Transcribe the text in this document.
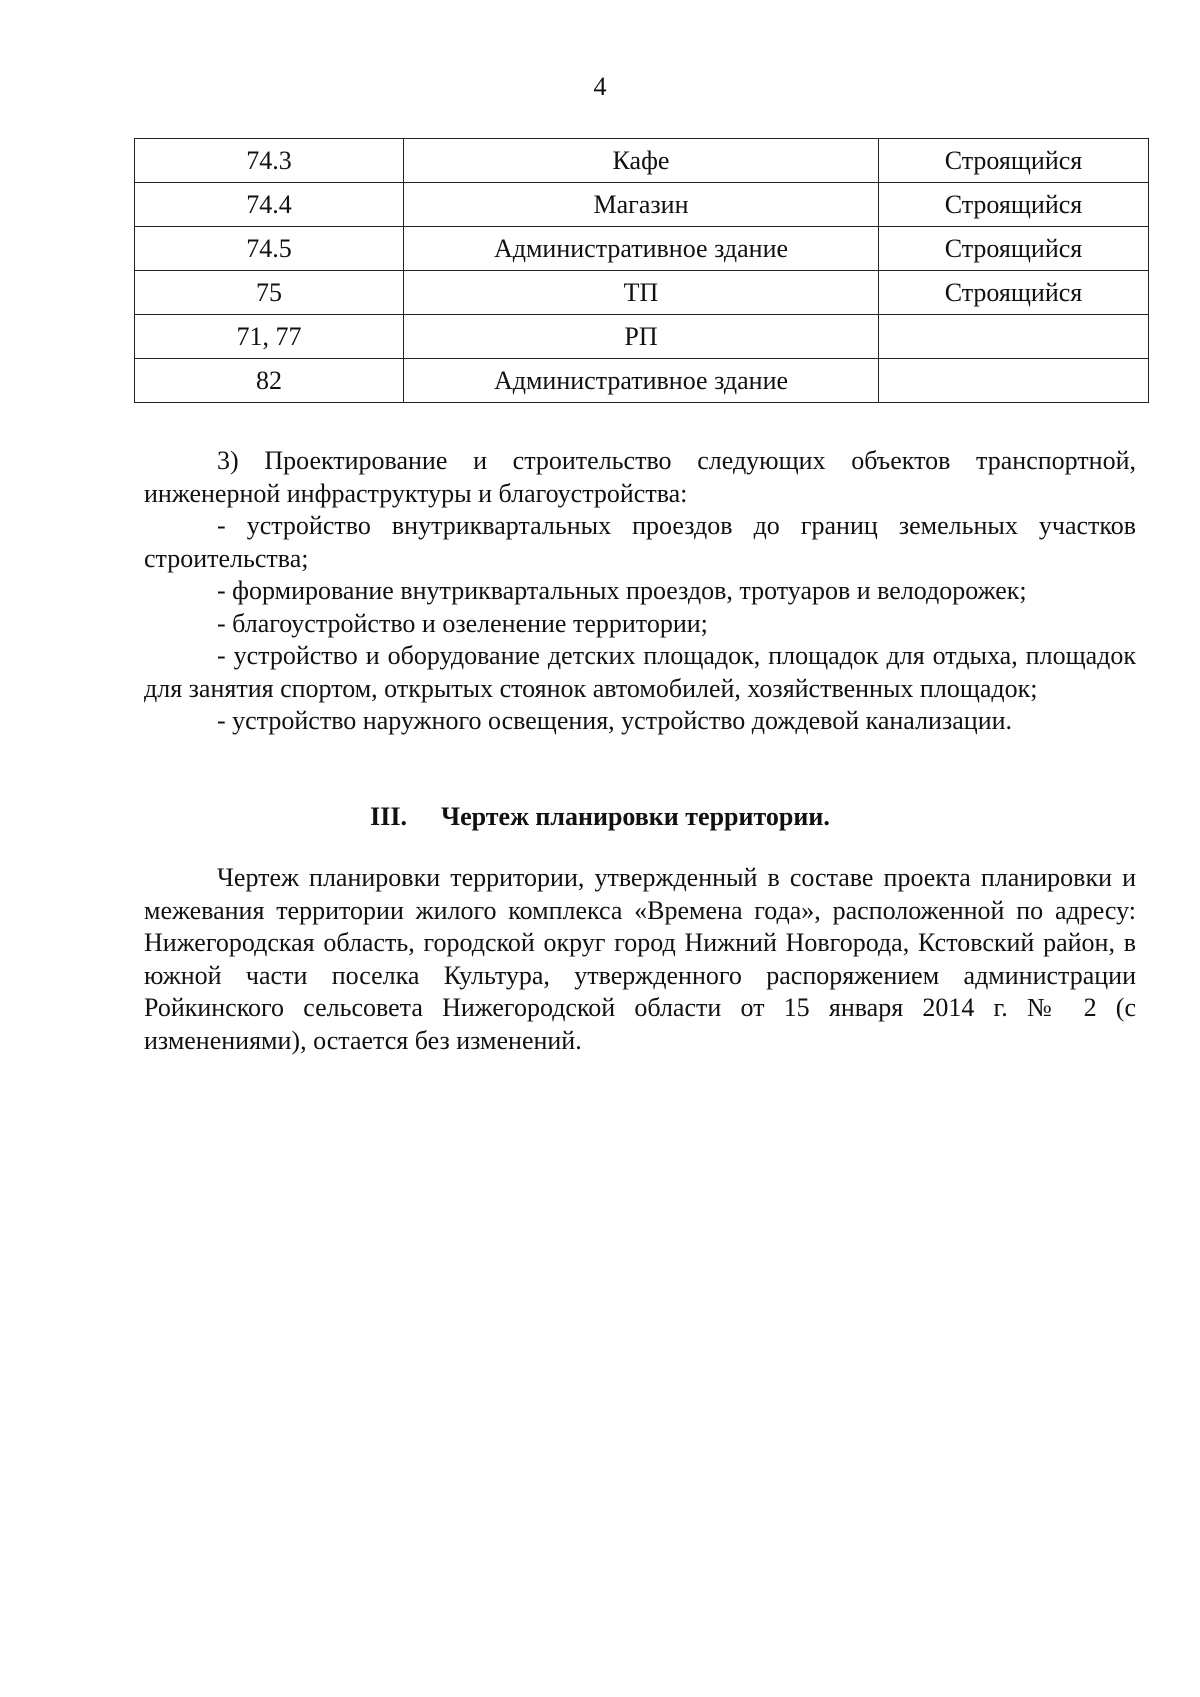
4
74.3	Кафе	Строящийся
74.4	Магазин	Строящийся
74.5	Административное здание	Строящийся
75	ТП	Строящийся
71, 77	РП	
82	Административное здание	

3) Проектирование и строительство следующих объектов транспортной, инженерной инфраструктуры и благоустройства:

- устройство внутриквартальных проездов до границ земельных участков строительства;

- формирование внутриквартальных проездов, тротуаров и велодорожек;

- благоустройство и озеленение территории;

- устройство и оборудование детских площадок, площадок для отдыха, площадок для занятия спортом, открытых стоянок автомобилей, хозяйственных площадок;

- устройство наружного освещения, устройство дождевой канализации.

III. Чертеж планировки территории.

Чертеж планировки территории, утвержденный в составе проекта планировки и межевания территории жилого комплекса «Времена года», расположенной по адресу: Нижегородская область, городской округ город Нижний Новгорода, Кстовский район, в южной части поселка Культура, утвержденного распоряжением администрации Ройкинского сельсовета Нижегородской области от 15 января 2014 г. № 2 (с изменениями), остается без изменений.
